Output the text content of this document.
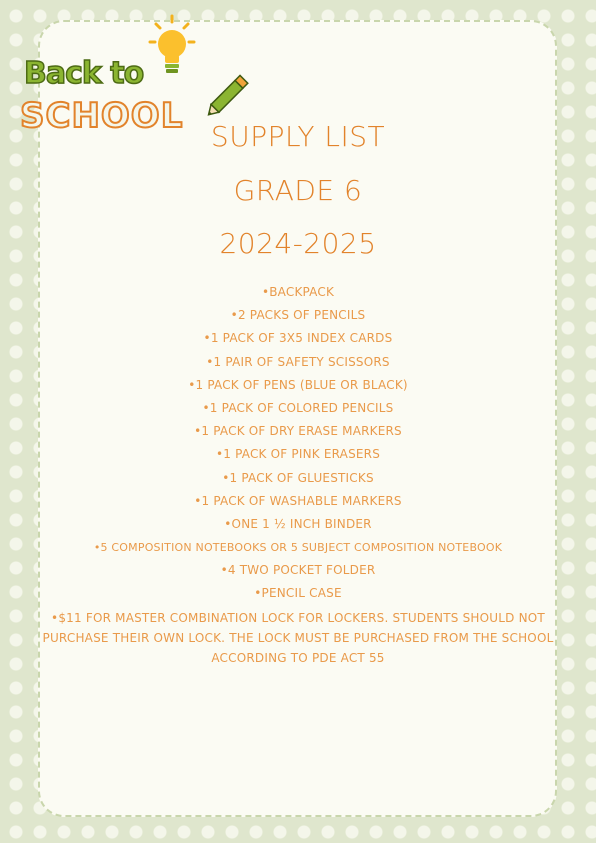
Back to
SCHOOL
SUPPLY LIST
GRADE 6
2024-2025
•BACKPACK
•2 PACKS OF PENCILS
•1 PACK OF 3X5 INDEX CARDS
•1 PAIR OF SAFETY SCISSORS
•1 PACK OF PENS (BLUE OR BLACK)
•1 PACK OF COLORED PENCILS
•1 PACK OF DRY ERASE MARKERS
•1 PACK OF PINK ERASERS
•1 PACK OF GLUESTICKS
•1 PACK OF WASHABLE MARKERS
•ONE 1 ½ INCH BINDER
•5 COMPOSITION NOTEBOOKS OR 5 SUBJECT COMPOSITION NOTEBOOK
•4 TWO POCKET FOLDER
•PENCIL CASE
•$11 FOR MASTER COMBINATION LOCK FOR LOCKERS. STUDENTS SHOULD NOT PURCHASE THEIR OWN LOCK. THE LOCK MUST BE PURCHASED FROM THE SCHOOL ACCORDING TO PDE ACT 55
